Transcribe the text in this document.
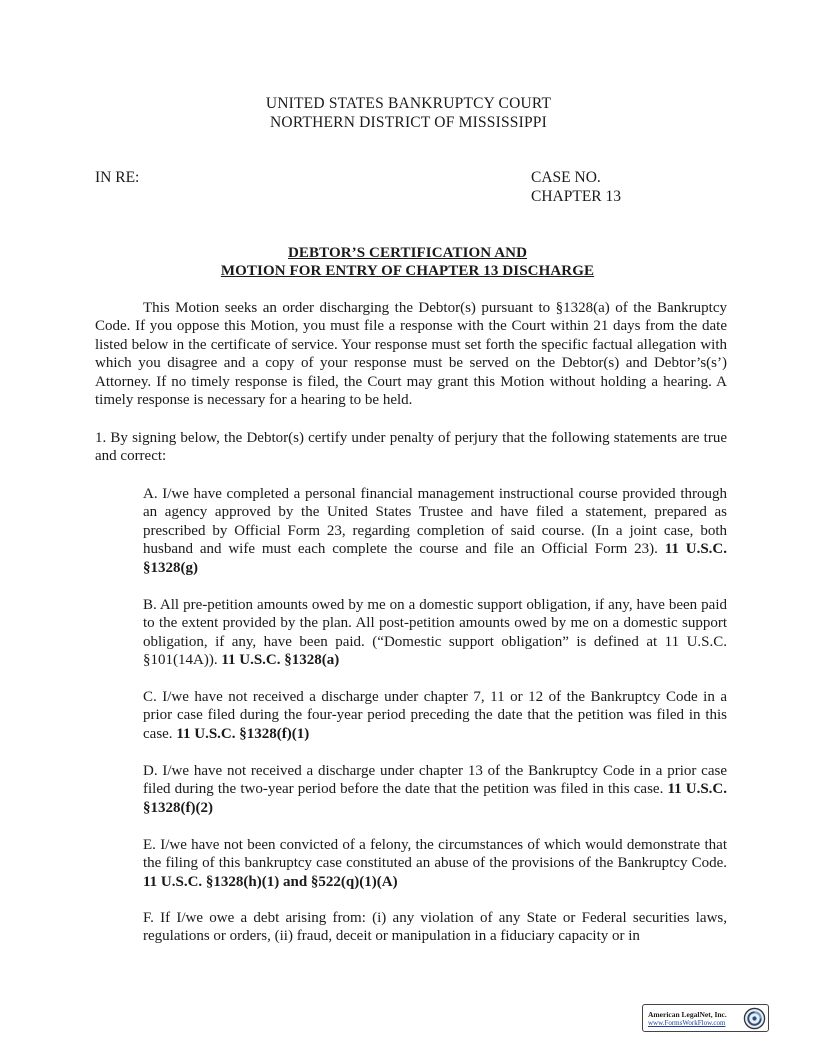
UNITED STATES BANKRUPTCY COURT
NORTHERN DISTRICT OF MISSISSIPPI
IN RE:	CASE NO.
CHAPTER 13
DEBTOR’S CERTIFICATION AND
MOTION FOR ENTRY OF CHAPTER 13 DISCHARGE
This Motion seeks an order discharging the Debtor(s) pursuant to §1328(a) of the Bankruptcy Code. If you oppose this Motion, you must file a response with the Court within 21 days from the date listed below in the certificate of service. Your response must set forth the specific factual allegation with which you disagree and a copy of your response must be served on the Debtor(s) and Debtor’s(s’) Attorney. If no timely response is filed, the Court may grant this Motion without holding a hearing. A timely response is necessary for a hearing to be held.
1. By signing below, the Debtor(s) certify under penalty of perjury that the following statements are true and correct:
A. I/we have completed a personal financial management instructional course provided through an agency approved by the United States Trustee and have filed a statement, prepared as prescribed by Official Form 23, regarding completion of said course. (In a joint case, both husband and wife must each complete the course and file an Official Form 23). 11 U.S.C. §1328(g)
B. All pre-petition amounts owed by me on a domestic support obligation, if any, have been paid to the extent provided by the plan. All post-petition amounts owed by me on a domestic support obligation, if any, have been paid. (“Domestic support obligation” is defined at 11 U.S.C. §101(14A)). 11 U.S.C. §1328(a)
C. I/we have not received a discharge under chapter 7, 11 or 12 of the Bankruptcy Code in a prior case filed during the four-year period preceding the date that the petition was filed in this case. 11 U.S.C. §1328(f)(1)
D. I/we have not received a discharge under chapter 13 of the Bankruptcy Code in a prior case filed during the two-year period before the date that the petition was filed in this case. 11 U.S.C. §1328(f)(2)
E. I/we have not been convicted of a felony, the circumstances of which would demonstrate that the filing of this bankruptcy case constituted an abuse of the provisions of the Bankruptcy Code. 11 U.S.C. §1328(h)(1) and §522(q)(1)(A)
F. If I/we owe a debt arising from: (i) any violation of any State or Federal securities laws, regulations or orders, (ii) fraud, deceit or manipulation in a fiduciary capacity or in
American LegalNet, Inc.
www.FormsWorkFlow.com
